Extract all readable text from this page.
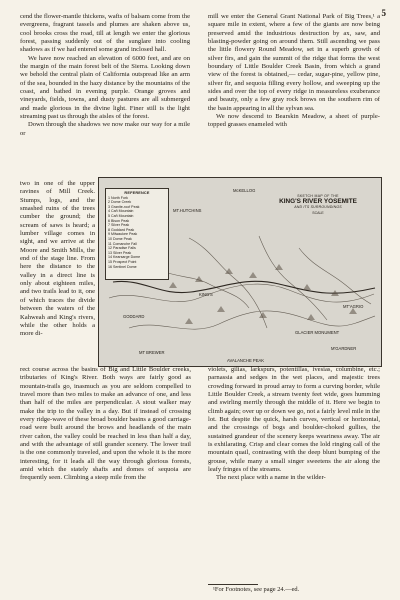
5

cend the flower-mantle thickens, wafts of balsam come from the evergreens, fragrant tassels and plumes are shaken above us, cool brooks cross the road, till at length we enter the glorious forest, passing suddenly out of the sunglare into cooling shadows as if we had entered some grand inclosed hall.

We have now reached an elevation of 6000 feet, and are on the margin of the main forest belt of the Sierra. Looking down we behold the central plain of California outspread like an arm of the sea, bounded in the hazy distance by the mountains of the coast, and bathed in evening purple. Orange groves and vineyards, fields, towns, and dusty pastures are all submerged and made glorious in the divine light. Finer still is the light streaming past us through the aisles of the forest.

Down through the shadows we now make our way for a mile or

two in one of the upper ravines of Mill Creek. Stumps, logs, and the smashed ruins of the trees cumber the ground; the scream of saws is heard; a lumber village comes in sight, and we arrive at the Moore and Smith Mills, the end of the stage line. From here the distance to the valley in a direct line is only about eighteen miles, and two trails lead to it, one of which traces the divide between the waters of the Kahweah and King's rivers, while the other holds a more di-

mill we enter the General Grant National Park of Big Trees,¹ a square mile in extent, where a few of the giants are now being preserved amid the industrious destruction by ax, saw, and blasting-powder going on around them. Still ascending we pass the little flowery Round Meadow, set in a superb growth of silver firs, and gain the summit of the ridge that forms the west boundary of Little Boulder Creek Basin, from which a grand view of the forest is obtained,— cedar, sugar-pine, yellow pine, silver fir, and sequoia filling every hollow, and sweeping up the sides and over the top of every ridge in measureless exuberance and beauty, only a few gray rock brows on the southern rim of the basin appearing in all the sylvan sea.

We now descend to Bearskin Meadow, a sheet of purple-topped grasses enameled with

McKELLOG
MT.HUTCHINS
MT'AGRIO
GLACIER MONUMENT
M'GARDNER
AVALANCHE PEAK
KING'S
GODDARD
MT BREWER
REFERENCE
1 North Fork
2 Dome Creek
3 Granite-roof Peak
4 Cañ Mountain
5 Cañ Mountain
6 Bison Peak
7 Silver Peak
8 Goddard Peak
9 Milwaukee Peak
10 Dome Peak
11 Comanche Fall
12 Paradise Falls
13 Silver Peak
14 Kearsarge Dome
15 Prospect Point
16 Sentinel Dome
SKETCH MAP OF THE
KING'S RIVER YOSEMITE
AND ITS SURROUNDINGS
SCALE

rect course across the basins of Big and Little Boulder creeks, tributaries of King's River. Both ways are fairly good as mountain-trails go, inasmuch as you are seldom compelled to travel more than two miles to make an advance of one, and less than half of the miles are perpendicular. A stout walker may make the trip to the valley in a day. But if instead of crossing every ridge-wave of these broad boulder basins a good carriage-road were built around the brows and headlands of the main river cañon, the valley could be reached in less than half a day, and with the advantage of still grander scenery. The lower trail is the one commonly traveled, and upon the whole it is the more interesting, for it leads all the way through glorious forests, amid which the stately shafts and domes of sequoia are frequently seen. Climbing a steep mile from the

violets, gilias, larkspurs, potentillas, ivesias, columbine, etc.; parnassia and sedges in the wet places, and majestic trees crowding forward in proud array to form a curving border, while Little Boulder Creek, a stream twenty feet wide, goes humming and swirling merrily through the middle of it. Here we begin to climb again; over up or down we go, not a fairly level mile in the lot. But despite the quick, harsh curves, vertical or horizontal, and the crossings of bogs and boulder-choked gullies, the sustained grandeur of the scenery keeps weariness away. The air is exhilarating. Crisp and clear comes the lold ringing call of the mountain quail, contrasting with the deep blunt bumping of the grouse, while many a small singer sweetens the air along the leafy fringes of the streams.

The next place with a name in the wilder-

¹For Footnotes, see page 24.—ed.
